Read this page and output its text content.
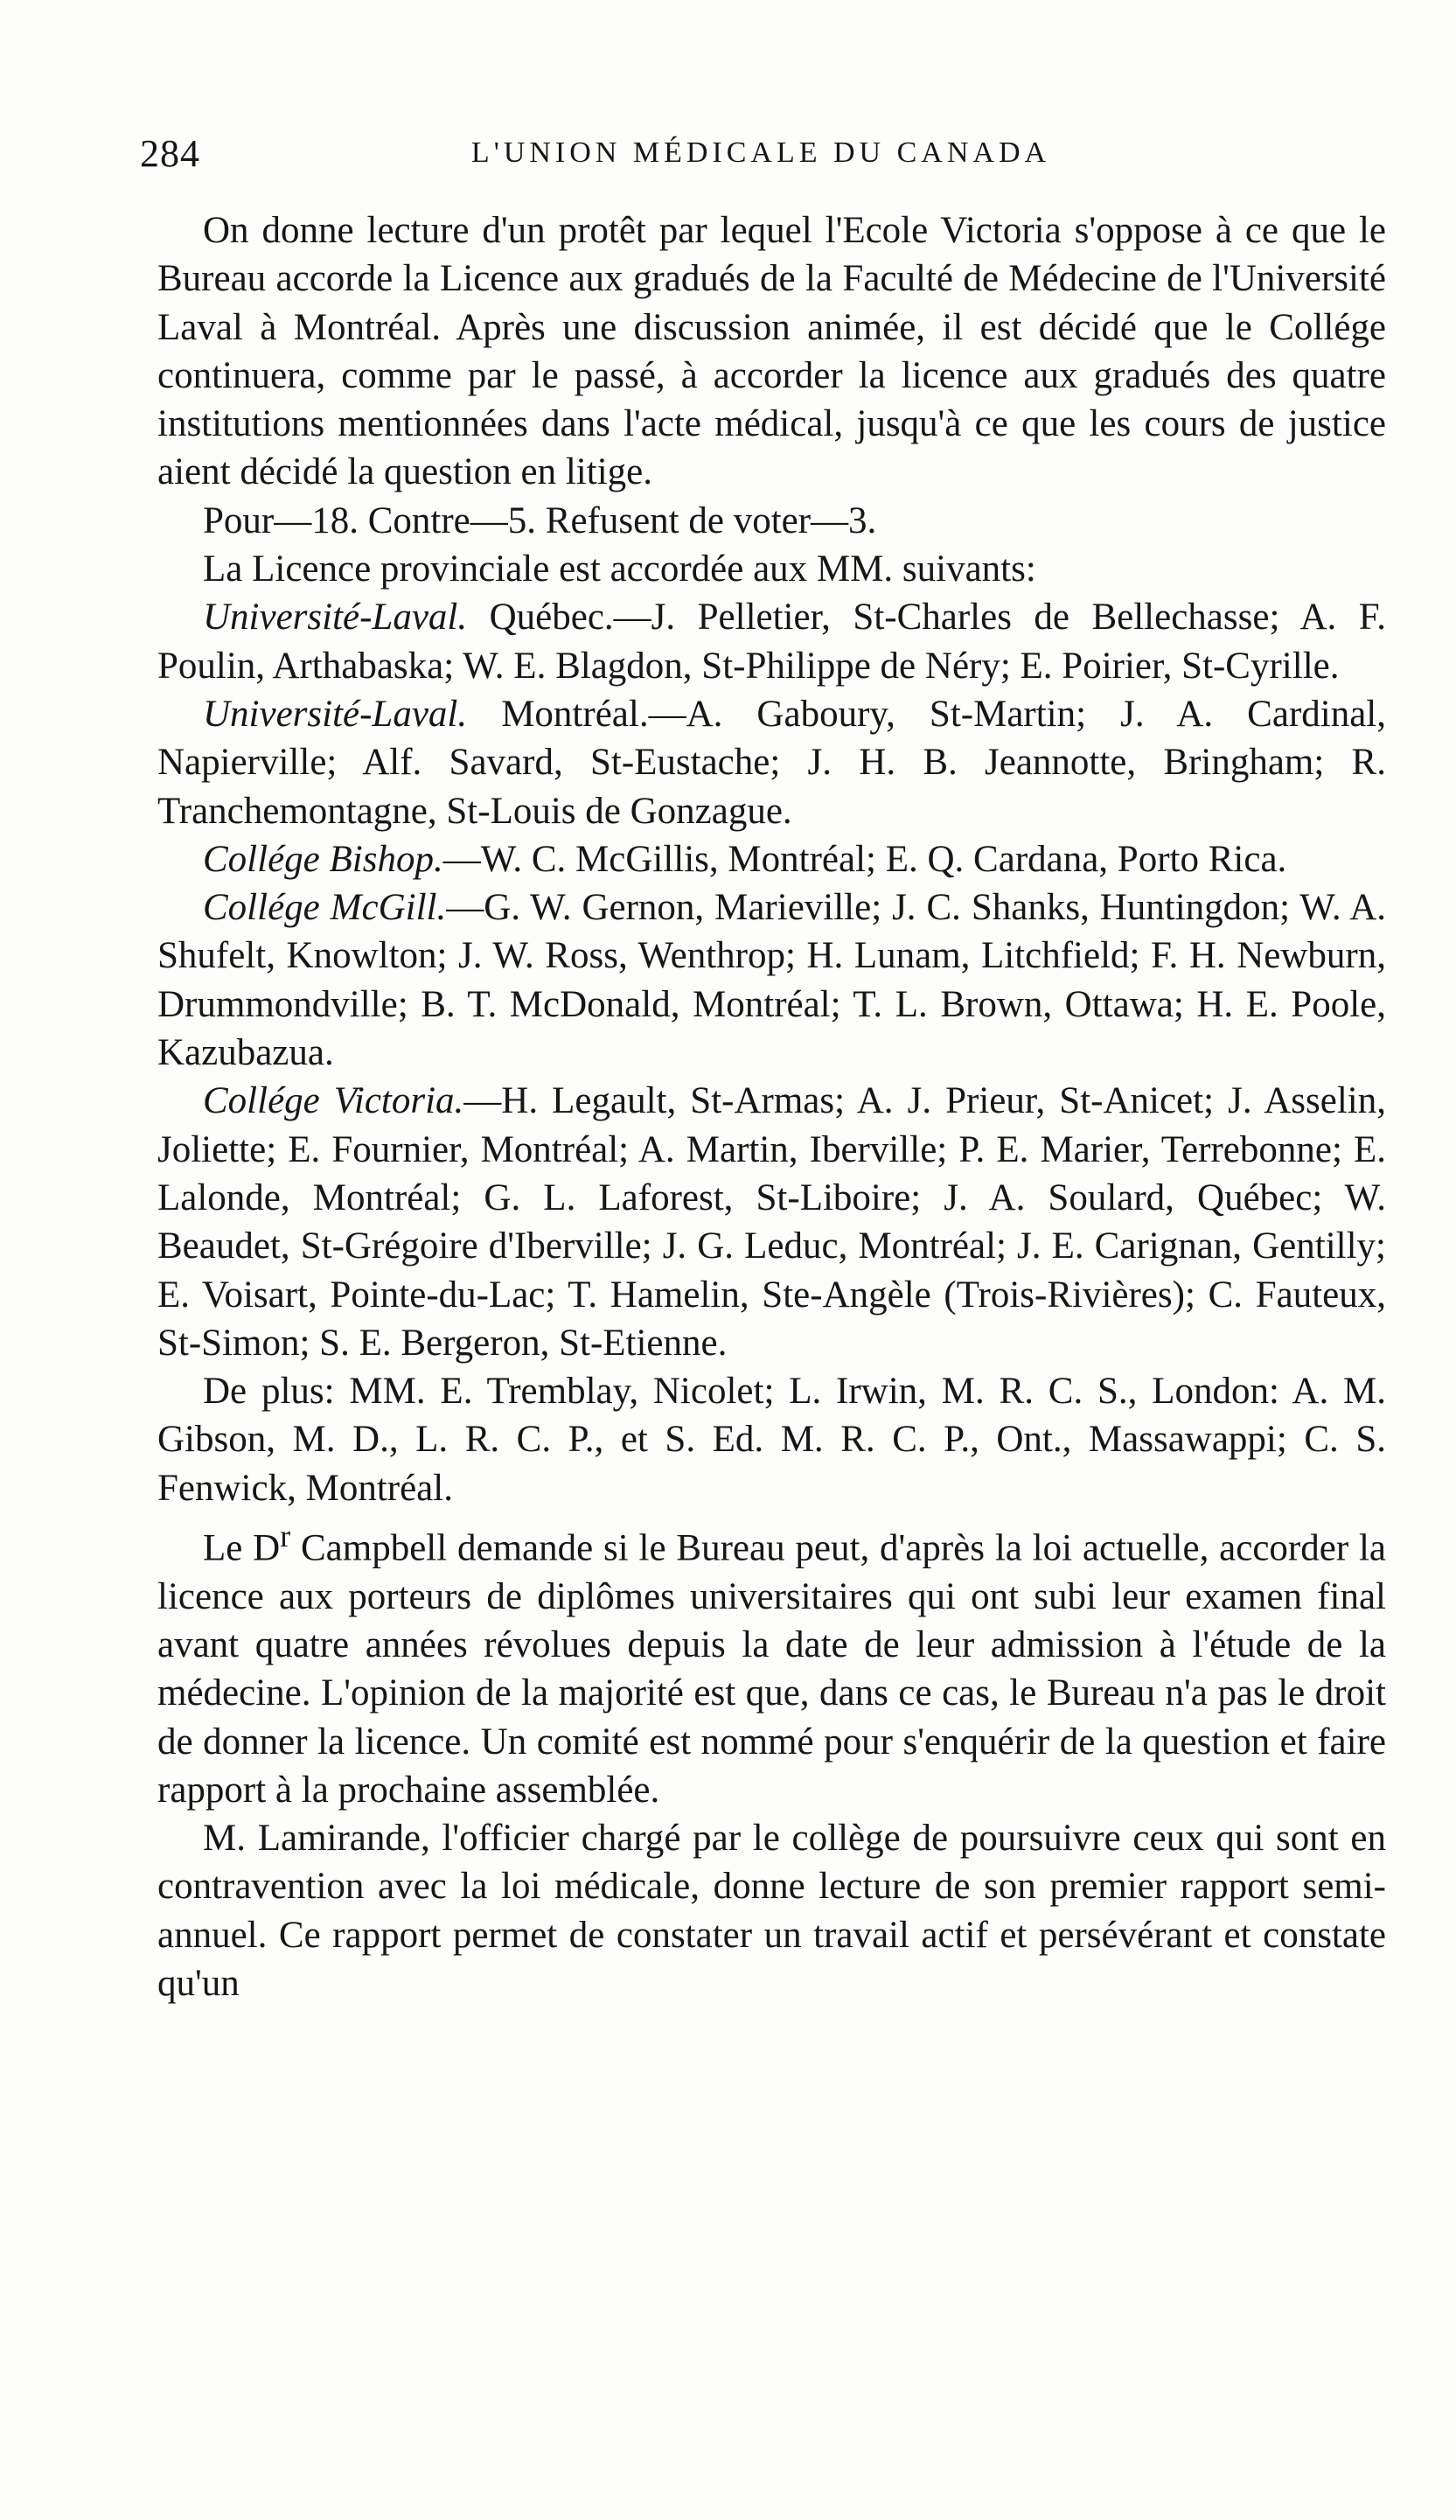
284	L'UNION MÉDICALE DU CANADA

On donne lecture d'un protêt par lequel l'Ecole Victoria s'oppose à ce que le Bureau accorde la Licence aux gradués de la Faculté de Médecine de l'Université Laval à Montréal. Après une discussion animée, il est décidé que le Collége continuera, comme par le passé, à accorder la licence aux gradués des quatre institutions mentionnées dans l'acte médical, jusqu'à ce que les cours de justice aient décidé la question en litige.

Pour—18. Contre—5. Refusent de voter—3.

La Licence provinciale est accordée aux MM. suivants:

Université-Laval. Québec.—J. Pelletier, St-Charles de Bellechasse; A. F. Poulin, Arthabaska; W. E. Blagdon, St-Philippe de Néry; E. Poirier, St-Cyrille.

Université-Laval. Montréal.—A. Gaboury, St-Martin; J. A. Cardinal, Napierville; Alf. Savard, St-Eustache; J. H. B. Jeannotte, Bringham; R. Tranchemontagne, St-Louis de Gonzague.

Collége Bishop.—W. C. McGillis, Montréal; E. Q. Cardana, Porto Rica.

Collége McGill.—G. W. Gernon, Marieville; J. C. Shanks, Huntingdon; W. A. Shufelt, Knowlton; J. W. Ross, Wenthrop; H. Lunam, Litchfield; F. H. Newburn, Drummondville; B. T. McDonald, Montréal; T. L. Brown, Ottawa; H. E. Poole, Kazubazua.

Collége Victoria.—H. Legault, St-Armas; A. J. Prieur, St-Anicet; J. Asselin, Joliette; E. Fournier, Montréal; A. Martin, Iberville; P. E. Marier, Terrebonne; E. Lalonde, Montréal; G. L. Laforest, St-Liboire; J. A. Soulard, Québec; W. Beaudet, St-Grégoire d'Iberville; J. G. Leduc, Montréal; J. E. Carignan, Gentilly; E. Voisart, Pointe-du-Lac; T. Hamelin, Ste-Angèle (Trois-Rivières); C. Fauteux, St-Simon; S. E. Bergeron, St-Etienne.

De plus: MM. E. Tremblay, Nicolet; L. Irwin, M. R. C. S., London: A. M. Gibson, M. D., L. R. C. P., et S. Ed. M. R. C. P., Ont., Massawappi; C. S. Fenwick, Montréal.

Le $D^r$ Campbell demande si le Bureau peut, d'après la loi actuelle, accorder la licence aux porteurs de diplômes universitaires qui ont subi leur examen final avant quatre années révolues depuis la date de leur admission à l'étude de la médecine. L'opinion de la majorité est que, dans ce cas, le Bureau n'a pas le droit de donner la licence. Un comité est nommé pour s'enquérir de la question et faire rapport à la prochaine assemblée.

M. Lamirande, l'officier chargé par le collège de poursuivre ceux qui sont en contravention avec la loi médicale, donne lecture de son premier rapport semi-annuel. Ce rapport permet de constater un travail actif et persévérant et constate qu'un
